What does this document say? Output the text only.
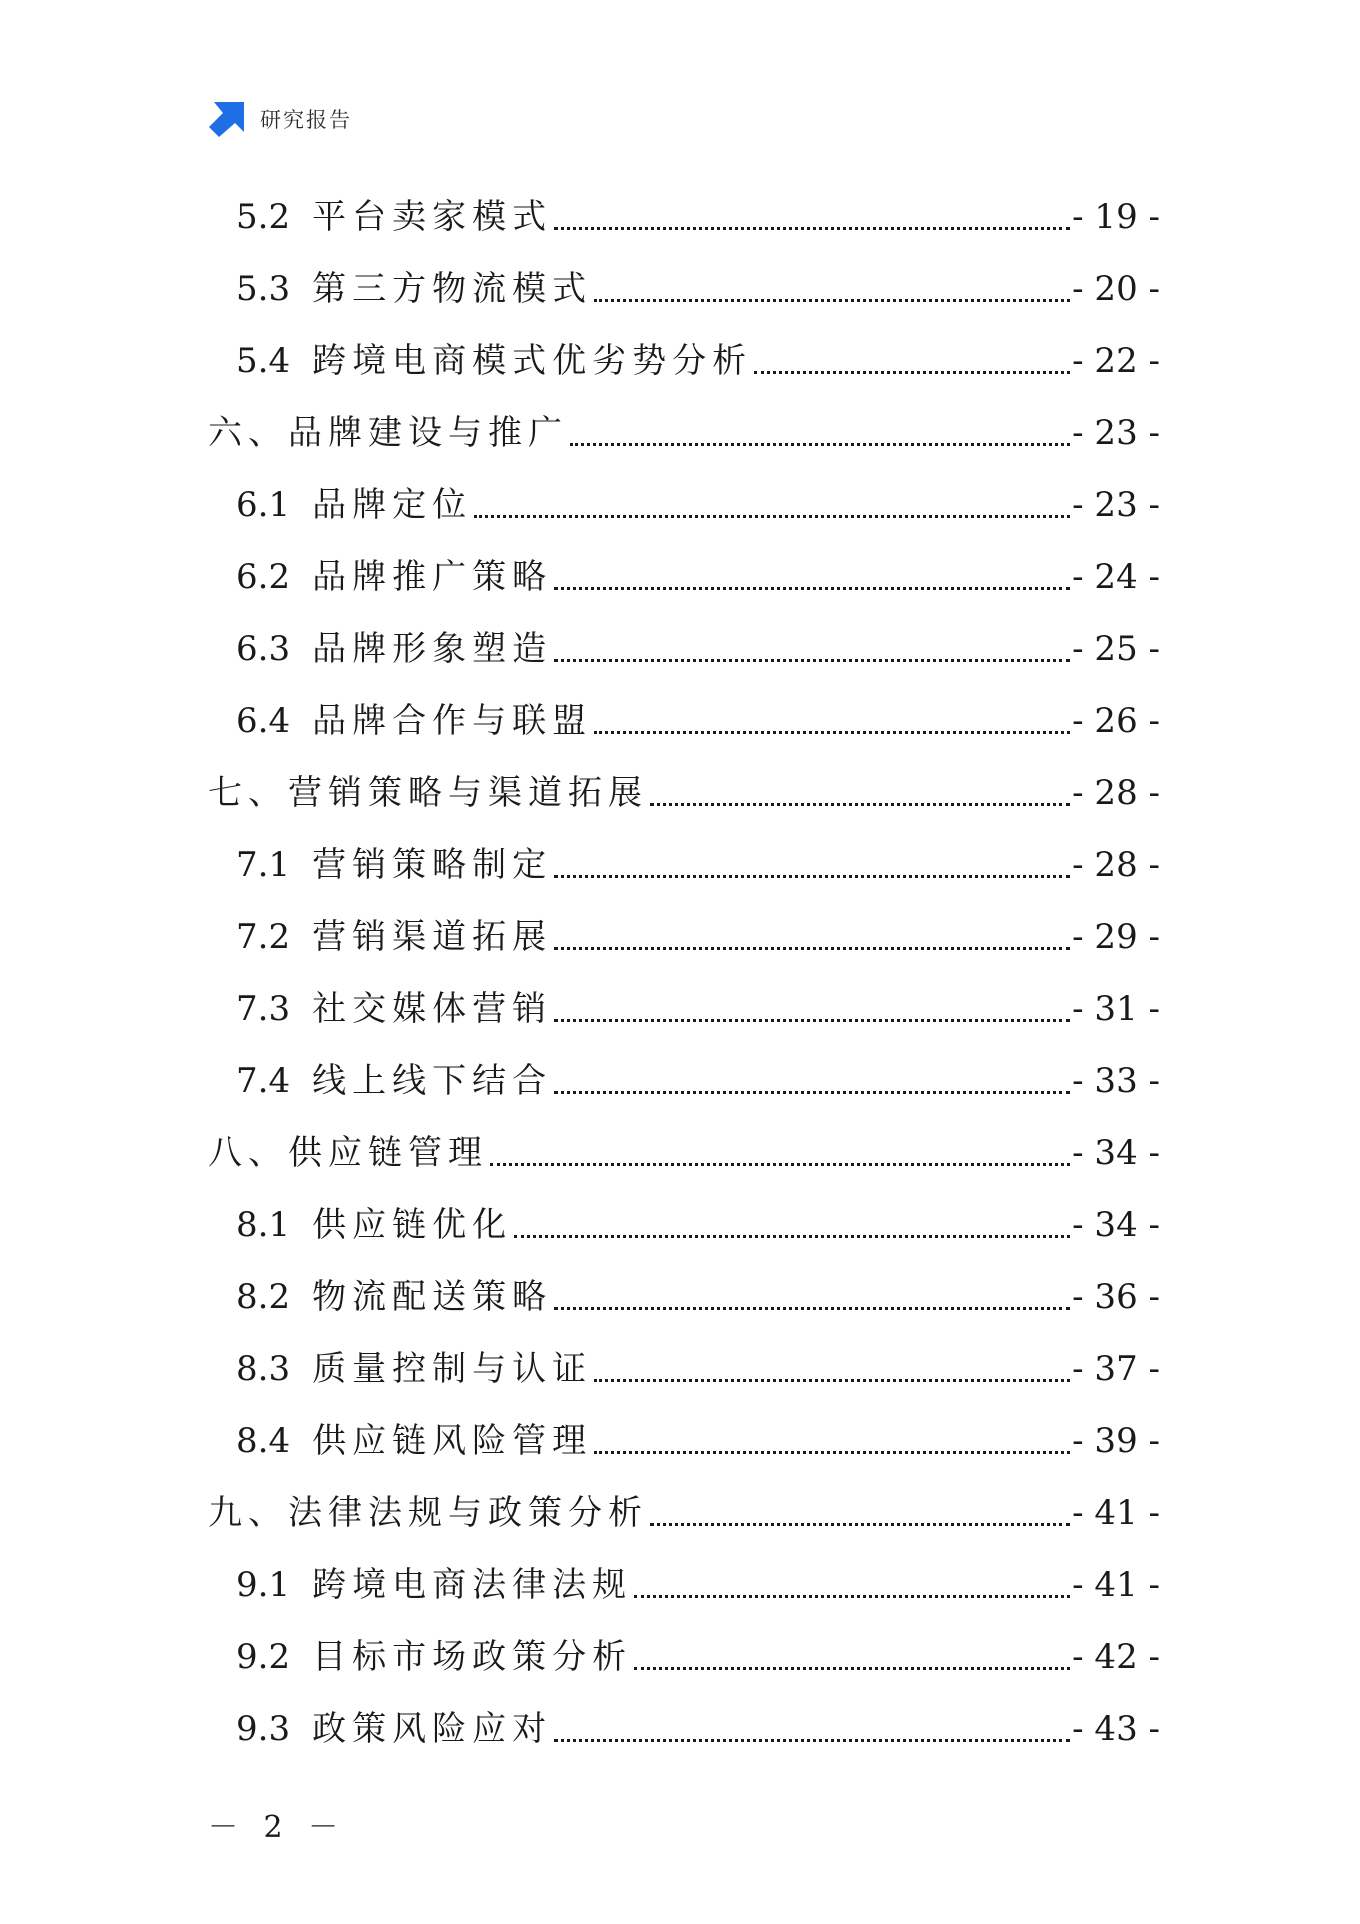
研究报告
5.2 平台卖家模式	- 19 -
5.3 第三方物流模式	- 20 -
5.4 跨境电商模式优劣势分析	- 22 -
六、品牌建设与推广	- 23 -
6.1 品牌定位	- 23 -
6.2 品牌推广策略	- 24 -
6.3 品牌形象塑造	- 25 -
6.4 品牌合作与联盟	- 26 -
七、营销策略与渠道拓展	- 28 -
7.1 营销策略制定	- 28 -
7.2 营销渠道拓展	- 29 -
7.3 社交媒体营销	- 31 -
7.4 线上线下结合	- 33 -
八、供应链管理	- 34 -
8.1 供应链优化	- 34 -
8.2 物流配送策略	- 36 -
8.3 质量控制与认证	- 37 -
8.4 供应链风险管理	- 39 -
九、法律法规与政策分析	- 41 -
9.1 跨境电商法律法规	- 41 -
9.2 目标市场政策分析	- 42 -
9.3 政策风险应对	- 43 -
－ 2 －
